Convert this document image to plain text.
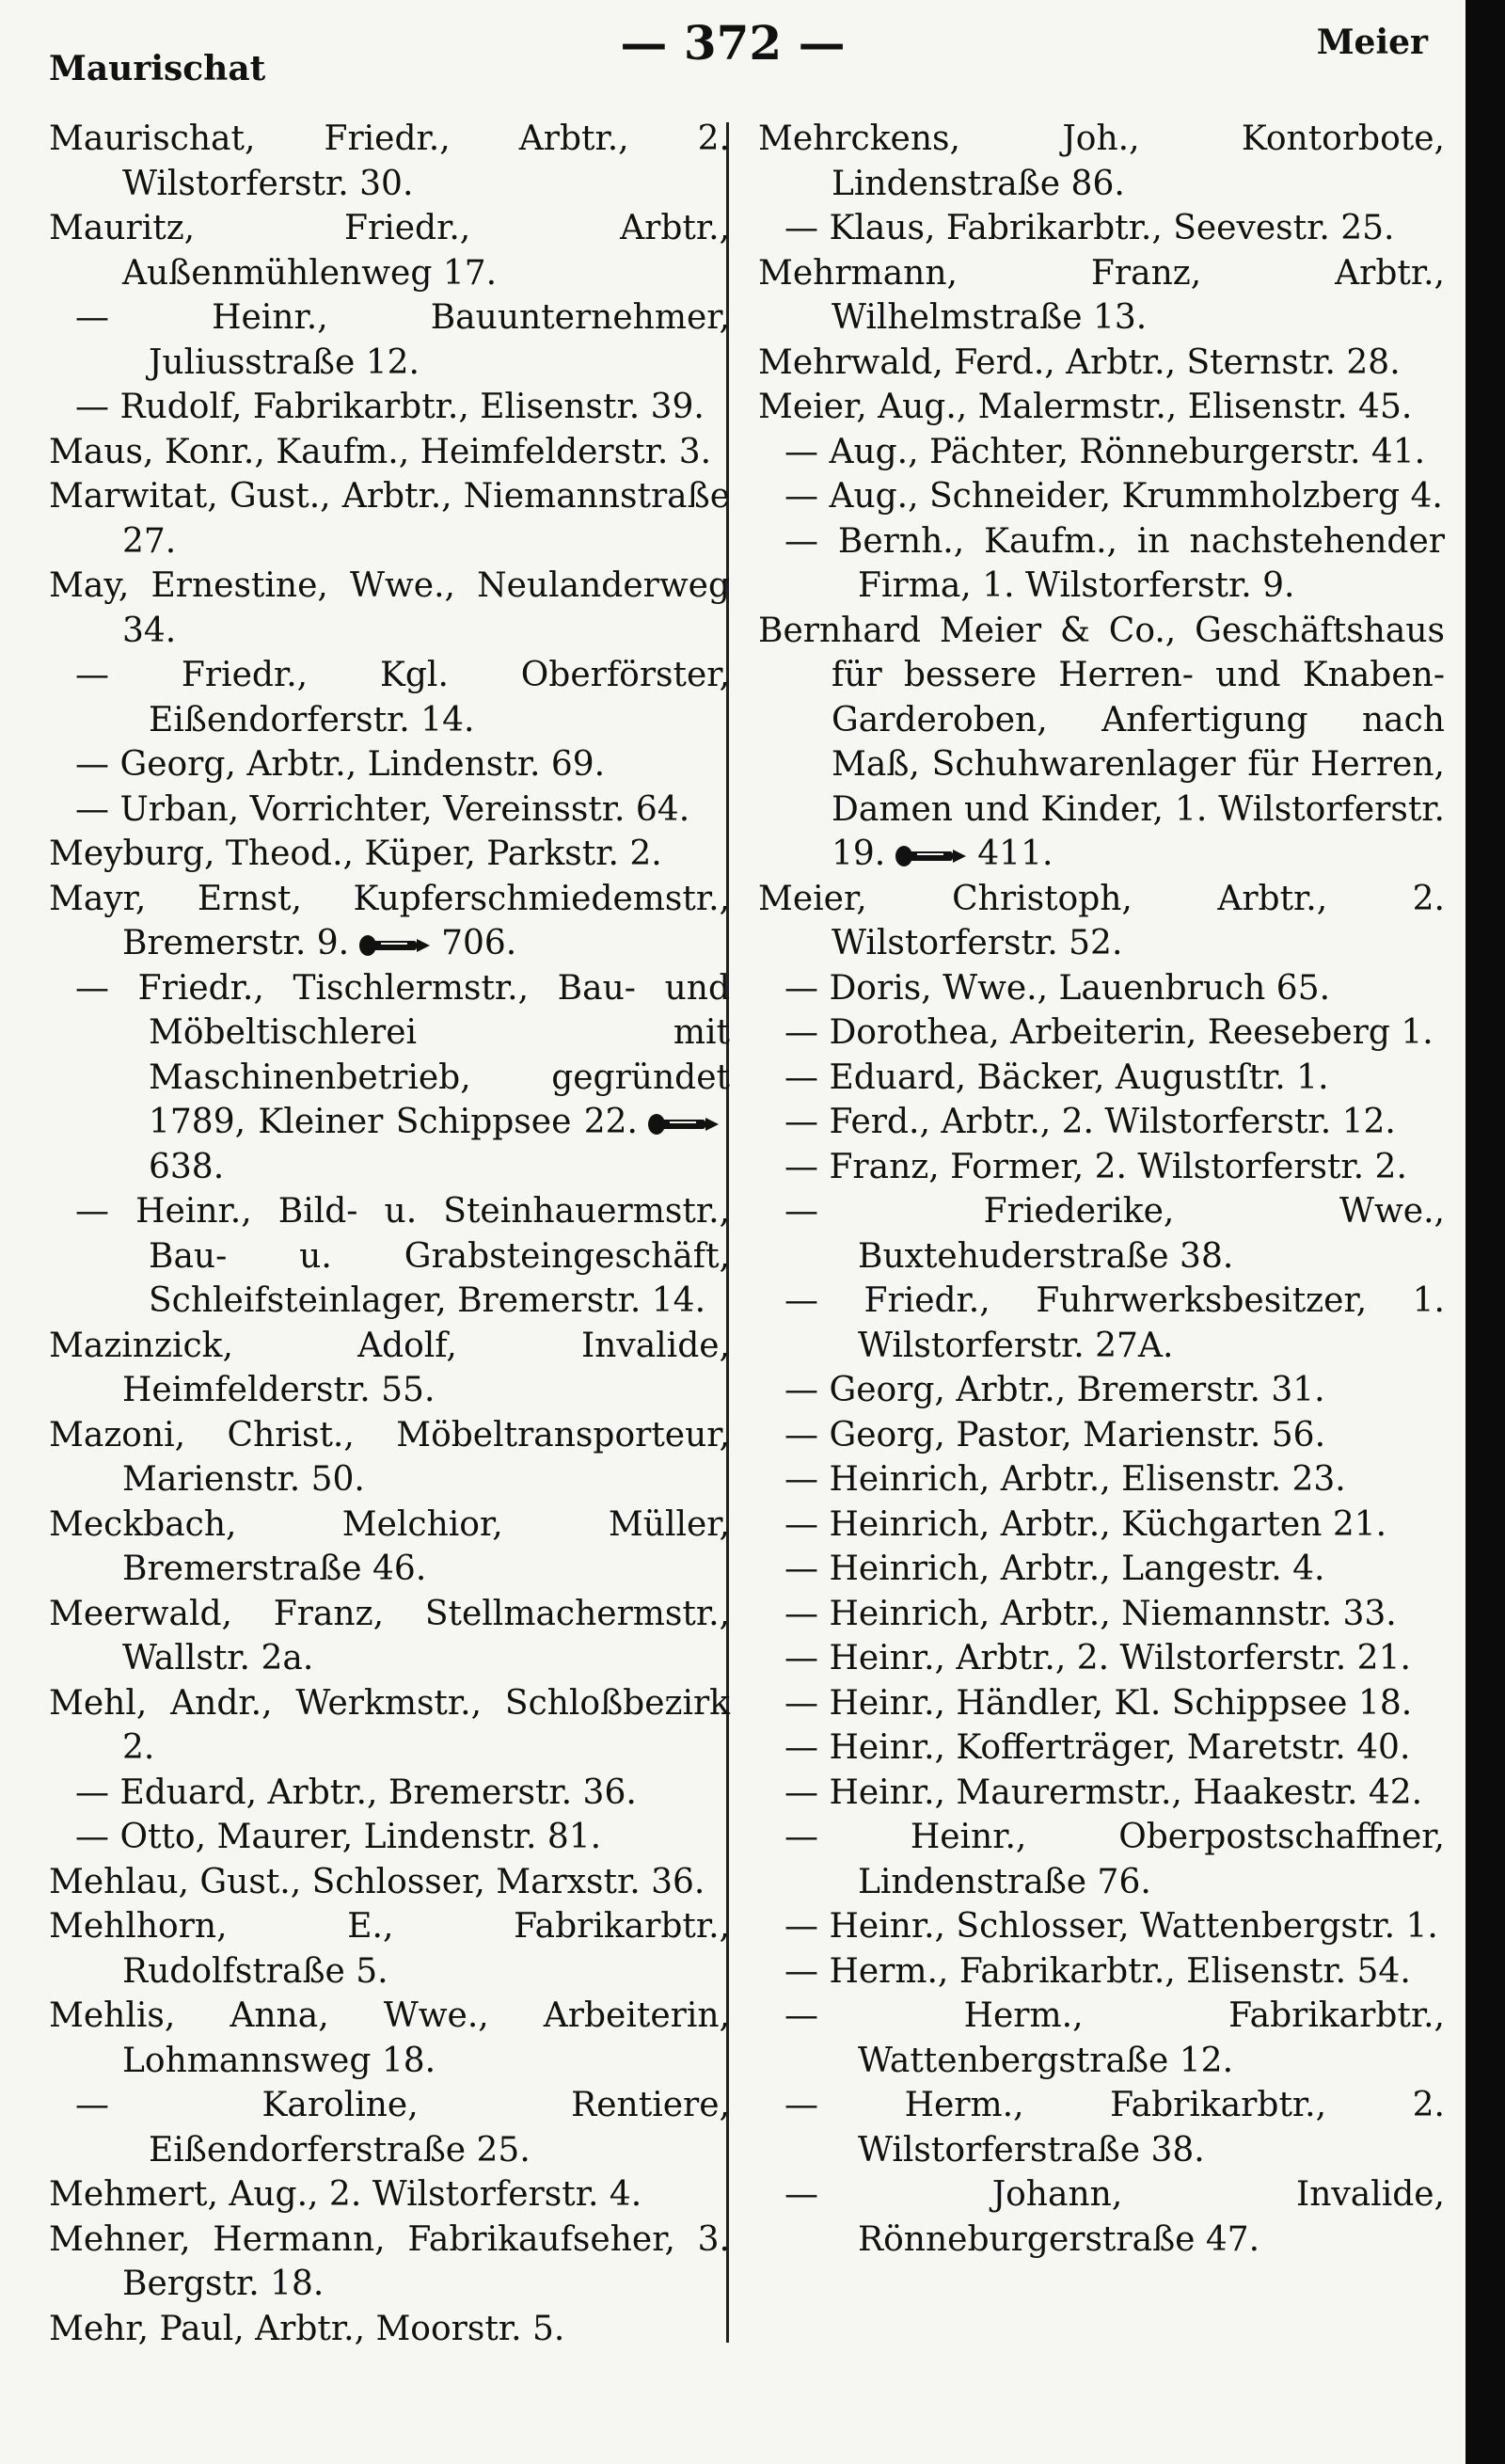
Maurischat	— 372 —	Meier

Maurischat, Friedr., Arbtr., 2. Wilstorferstr. 30.

Mauritz, Friedr., Arbtr., Außenmühlenweg 17.

— Heinr., Bauunternehmer, Juliusstraße 12.

— Rudolf, Fabrikarbtr., Elisenstr. 39.

Maus, Konr., Kaufm., Heimfelderstr. 3.

Marwitat, Gust., Arbtr., Niemannstraße 27.

May, Ernestine, Wwe., Neulanderweg 34.

— Friedr., Kgl. Oberförster, Eißendorferstr. 14.

— Georg, Arbtr., Lindenstr. 69.

— Urban, Vorrichter, Vereinsstr. 64.

Meyburg, Theod., Küper, Parkstr. 2.

Mayr, Ernst, Kupferschmiedemstr., Bremerstr. 9.	706.

— Friedr., Tischlermstr., Bau- und Möbeltischlerei mit Maschinenbetrieb, gegründet 1789, Kleiner Schippsee 22.
638.

— Heinr., Bild- u. Steinhauermstr., Bau- u. Grabsteingeschäft, Schleifsteinlager, Bremerstr. 14.

Mazinzick, Adolf, Invalide, Heimfelderstr. 55.

Mazoni, Christ., Möbeltransporteur, Marienstr. 50.

Meckbach, Melchior, Müller, Bremerstraße 46.

Meerwald, Franz, Stellmachermstr., Wallstr. 2a.

Mehl, Andr., Werkmstr., Schloßbezirk 2.

— Eduard, Arbtr., Bremerstr. 36.

— Otto, Maurer, Lindenstr. 81.

Mehlau, Gust., Schlosser, Marxstr. 36.

Mehlhorn, E., Fabrikarbtr., Rudolfstraße 5.

Mehlis, Anna, Wwe., Arbeiterin, Lohmannsweg 18.

— Karoline, Rentiere, Eißendorferstraße 25.

Mehmert, Aug., 2. Wilstorferstr. 4.

Mehner, Hermann, Fabrikaufseher, 3. Bergstr. 18.

Mehr, Paul, Arbtr., Moorstr. 5.

Mehrckens, Joh., Kontorbote, Lindenstraße 86.

— Klaus, Fabrikarbtr., Seevestr. 25.

Mehrmann, Franz, Arbtr., Wilhelmstraße 13.

Mehrwald, Ferd., Arbtr., Sternstr. 28.

Meier, Aug., Malermstr., Elisenstr. 45.

— Aug., Pächter, Rönneburgerstr. 41.

— Aug., Schneider, Krummholzberg 4.

— Bernh., Kaufm., in nachstehender Firma, 1. Wilstorferstr. 9.

Bernhard Meier & Co., Geschäftshaus für bessere Herren- und Knaben-Garderoben, Anfertigung nach Maß, Schuhwarenlager für Herren, Damen und Kinder, 1. Wilstorferstr. 19.	411.

Meier, Christoph, Arbtr., 2. Wilstorferstr. 52.

— Doris, Wwe., Lauenbruch 65.

— Dorothea, Arbeiterin, Reeseberg 1.

— Eduard, Bäcker, Augustſtr. 1.

— Ferd., Arbtr., 2. Wilstorferstr. 12.

— Franz, Former, 2. Wilstorferstr. 2.

— Friederike, Wwe., Buxtehuderstraße 38.

— Friedr., Fuhrwerksbesitzer, 1. Wilstorferstr. 27A.

— Georg, Arbtr., Bremerstr. 31.

— Georg, Pastor, Marienstr. 56.

— Heinrich, Arbtr., Elisenstr. 23.

— Heinrich, Arbtr., Küchgarten 21.

— Heinrich, Arbtr., Langestr. 4.

— Heinrich, Arbtr., Niemannstr. 33.

— Heinr., Arbtr., 2. Wilstorferstr. 21.

— Heinr., Händler, Kl. Schippsee 18.

— Heinr., Kofferträger, Maretstr. 40.

— Heinr., Maurermstr., Haakestr. 42.

— Heinr., Oberpostschaffner, Lindenstraße 76.

— Heinr., Schlosser, Wattenbergstr. 1.

— Herm., Fabrikarbtr., Elisenstr. 54.

— Herm., Fabrikarbtr., Wattenbergstraße 12.

— Herm., Fabrikarbtr., 2. Wilstorferstraße 38.

— Johann, Invalide, Rönneburgerstraße 47.
